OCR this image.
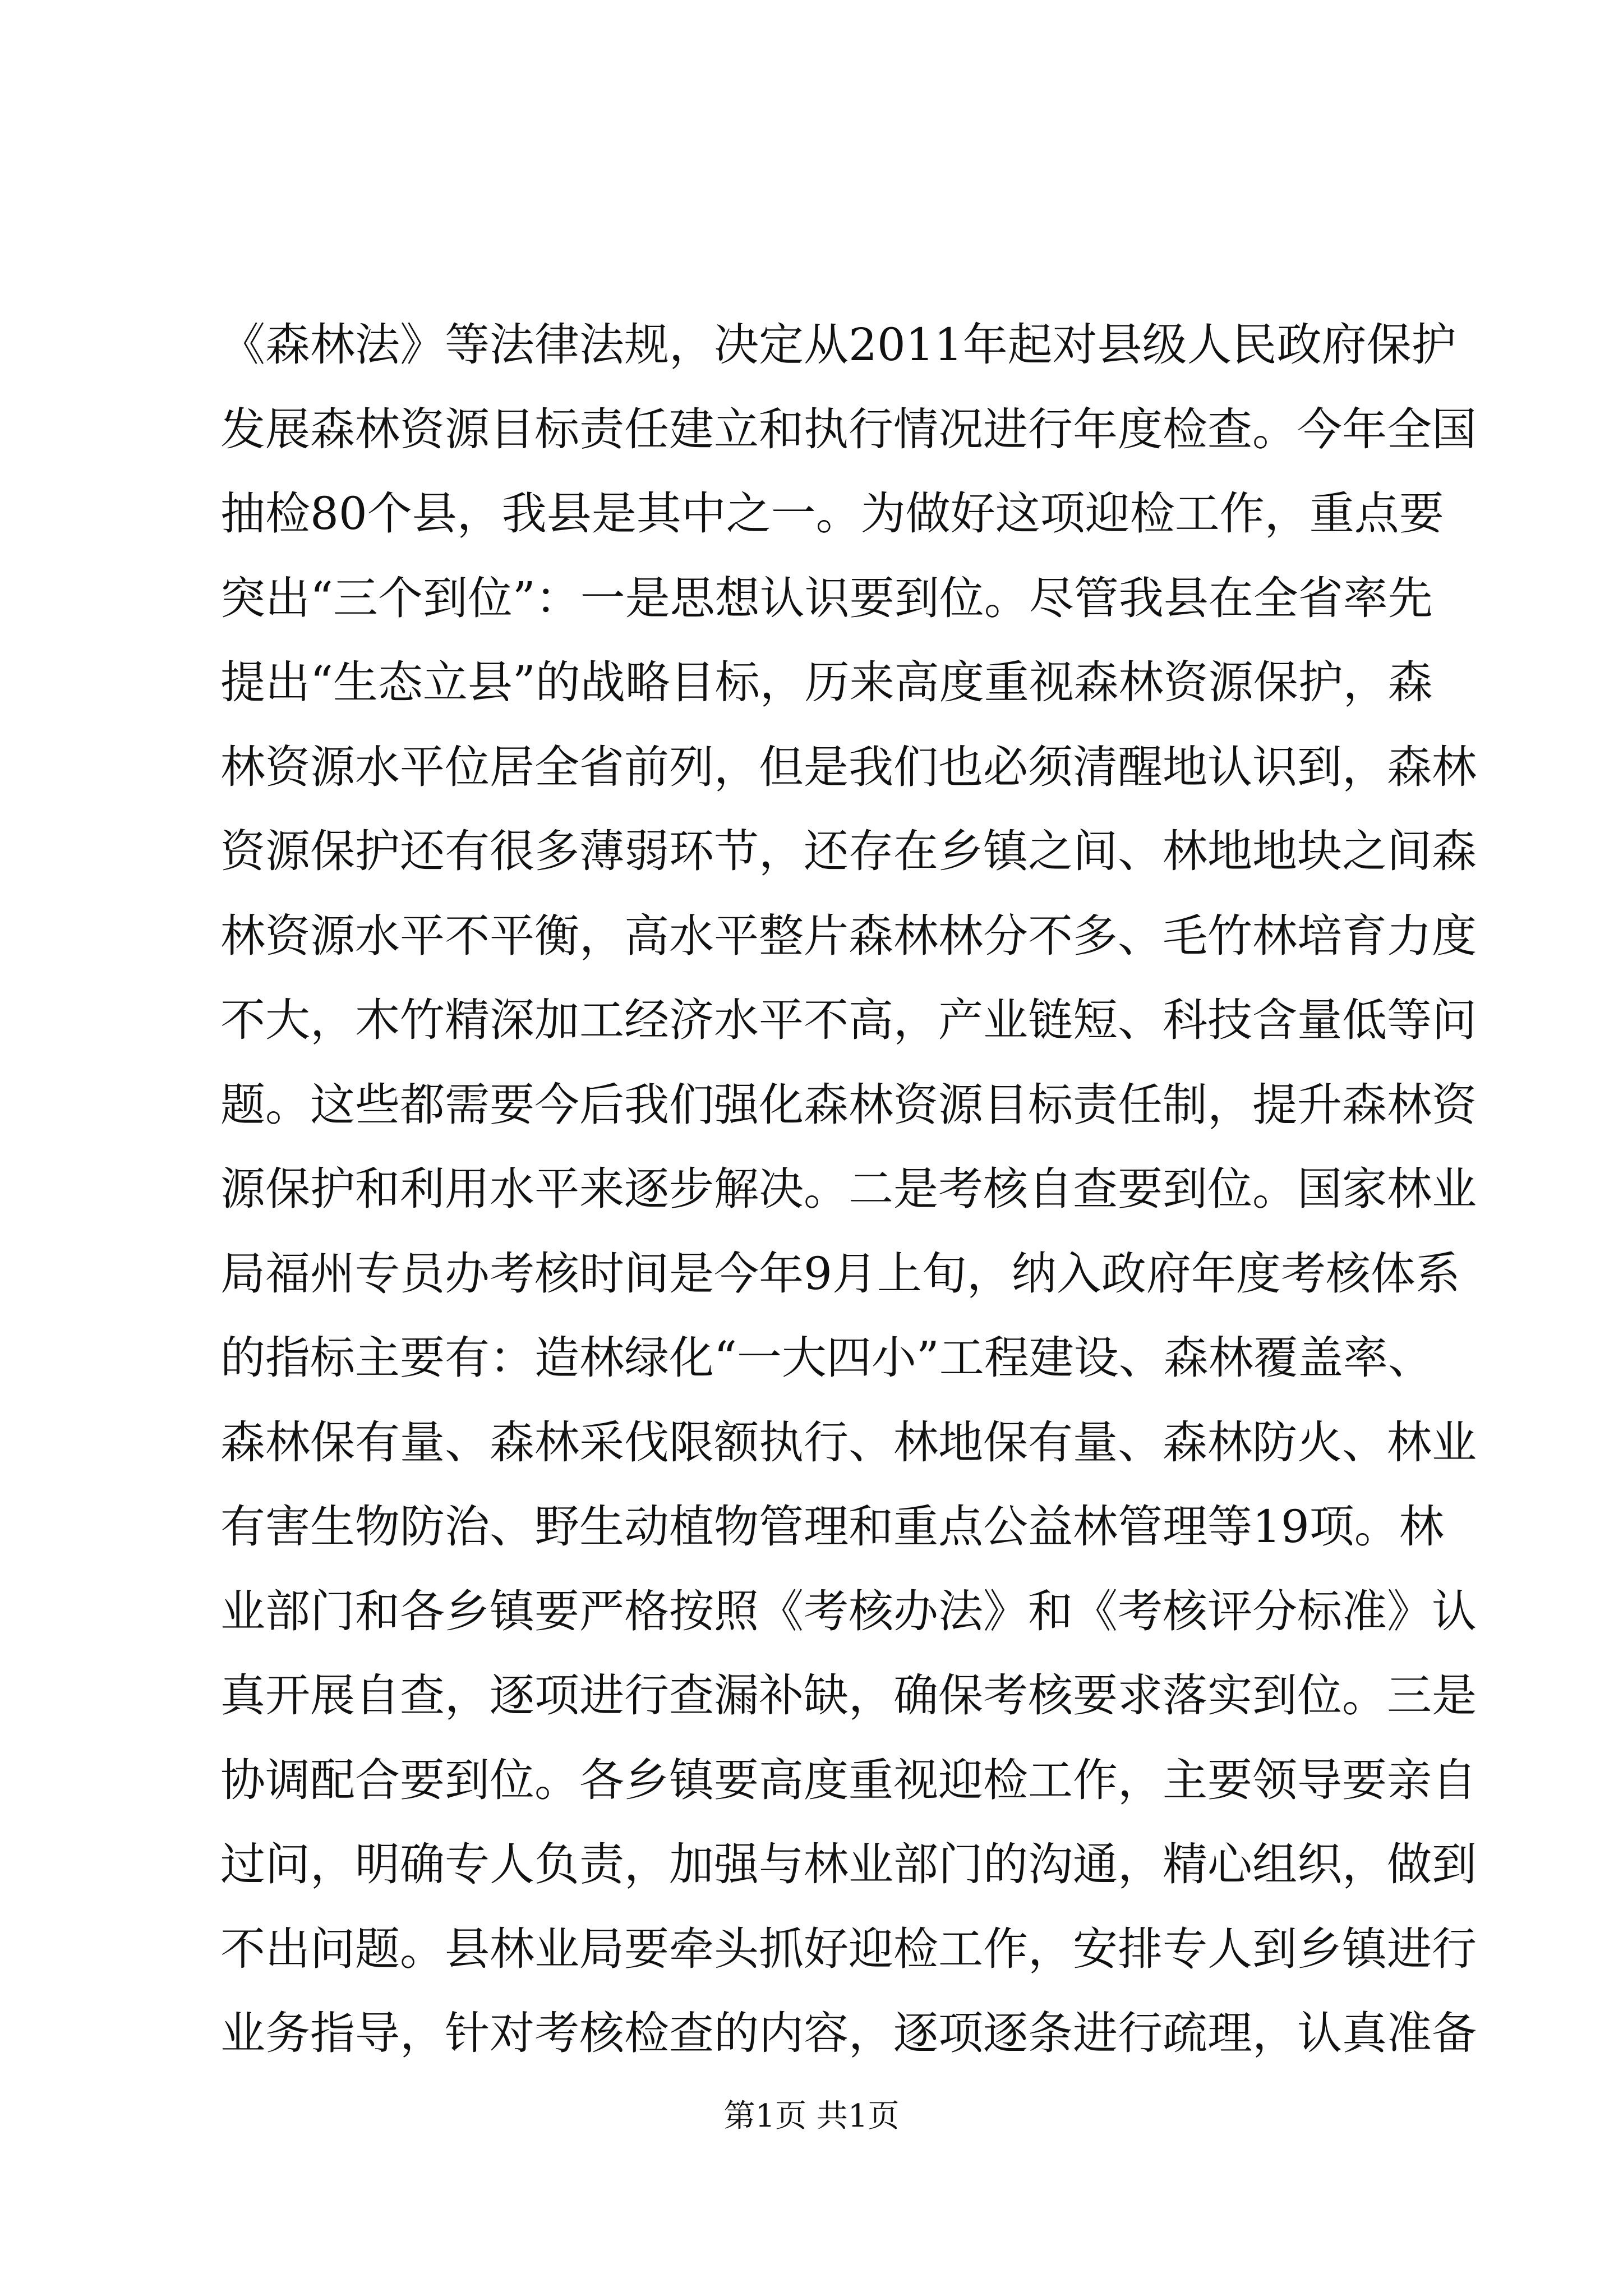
《森林法》等法律法规，决定从2011年起对县级人民政府保护
发展森林资源目标责任建立和执行情况进行年度检查。今年全国
抽检80个县，我县是其中之一。为做好这项迎检工作，重点要
突出“三个到位”：一是思想认识要到位。尽管我县在全省率先
提出“生态立县”的战略目标，历来高度重视森林资源保护，森
林资源水平位居全省前列，但是我们也必须清醒地认识到，森林
资源保护还有很多薄弱环节，还存在乡镇之间、林地地块之间森
林资源水平不平衡，高水平整片森林林分不多、毛竹林培育力度
不大，木竹精深加工经济水平不高，产业链短、科技含量低等问
题。这些都需要今后我们强化森林资源目标责任制，提升森林资
源保护和利用水平来逐步解决。二是考核自查要到位。国家林业
局福州专员办考核时间是今年9月上旬，纳入政府年度考核体系
的指标主要有：造林绿化“一大四小”工程建设、森林覆盖率、
森林保有量、森林采伐限额执行、林地保有量、森林防火、林业
有害生物防治、野生动植物管理和重点公益林管理等19项。林
业部门和各乡镇要严格按照《考核办法》和《考核评分标准》认
真开展自查，逐项进行查漏补缺，确保考核要求落实到位。三是
协调配合要到位。各乡镇要高度重视迎检工作，主要领导要亲自
过问，明确专人负责，加强与林业部门的沟通，精心组织，做到
不出问题。县林业局要牵头抓好迎检工作，安排专人到乡镇进行
业务指导，针对考核检查的内容，逐项逐条进行疏理，认真准备
第1页 共1页
